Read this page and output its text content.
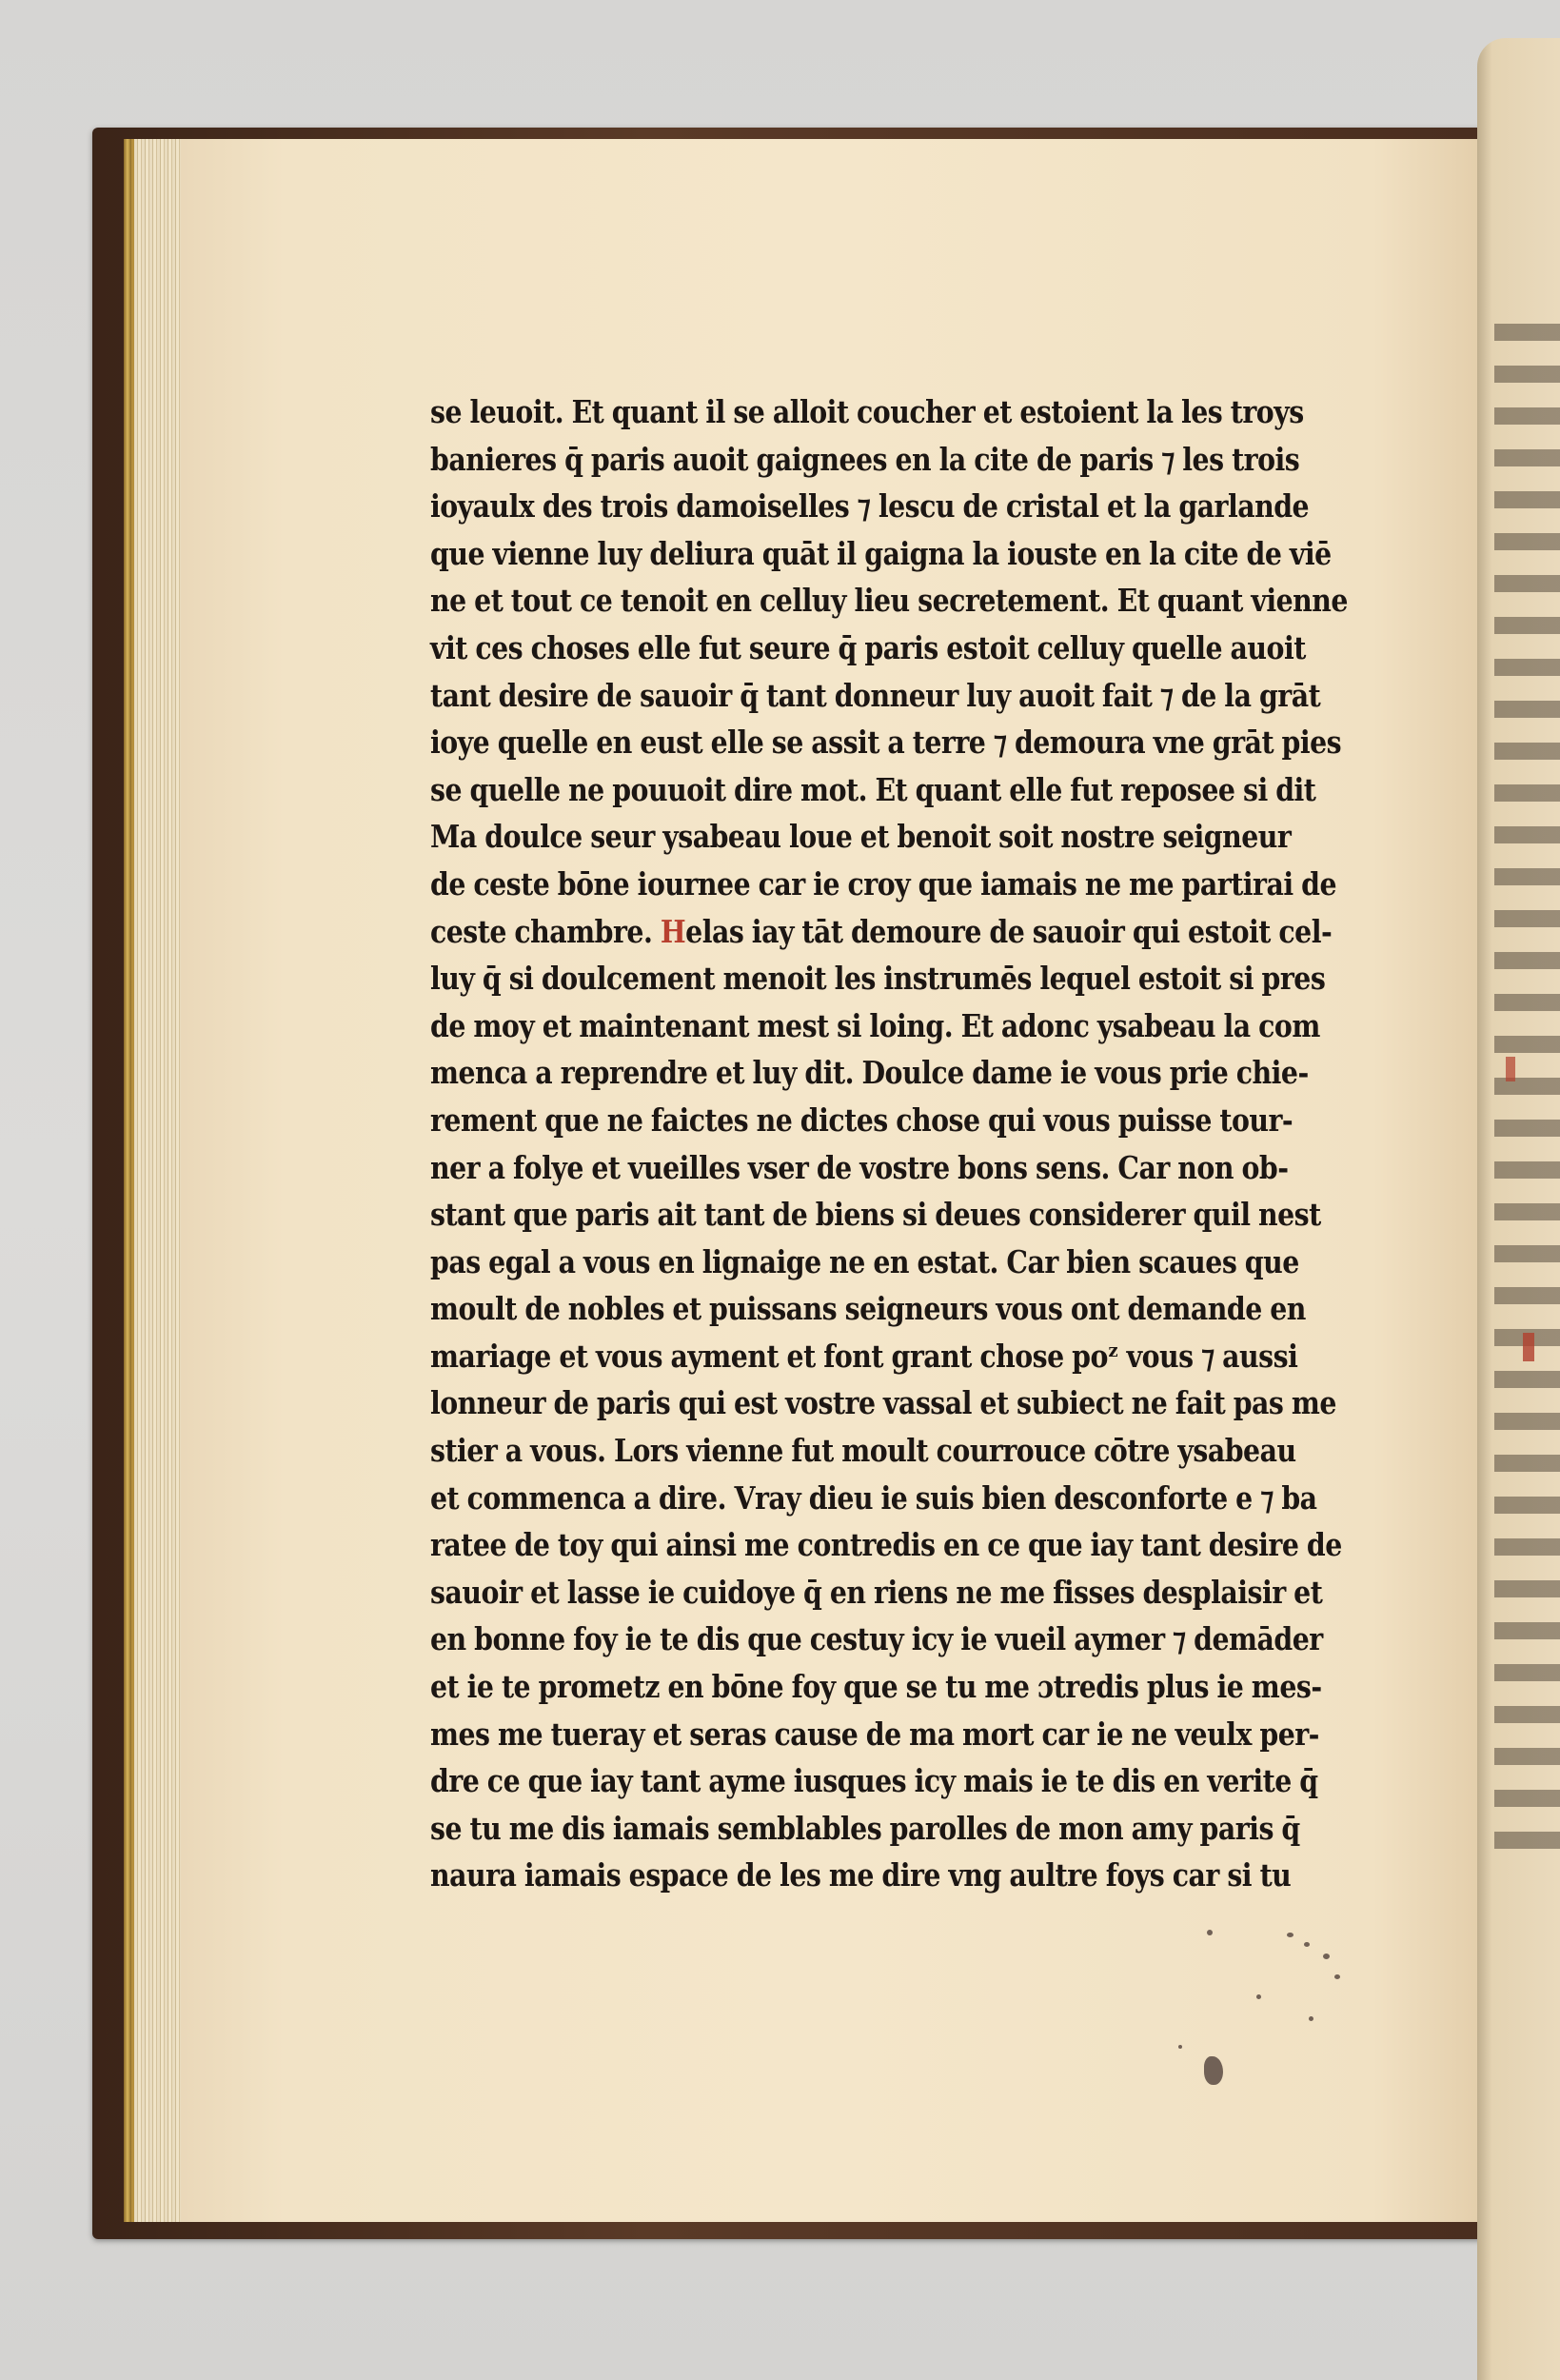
se leuoit. Et quant il se alloit coucher et estoient la les troys
banieres q̄ paris auoit gaignees en la cite de paris ⁊ les trois
ioyaulx des trois damoiselles ⁊ lescu de cristal et la garlande
que vienne luy deliura quāt il gaigna la iouste en la cite de viē
ne et tout ce tenoit en celluy lieu secretement. Et quant vienne
vit ces choses elle fut seure q̄ paris estoit celluy quelle auoit
tant desire de sauoir q̄ tant donneur luy auoit fait ⁊ de la grāt
ioye quelle en eust elle se assit a terre ⁊ demoura vne grāt pies
se quelle ne pouuoit dire mot. Et quant elle fut reposee si dit
Ma doulce seur ysabeau loue et benoit soit nostre seigneur
de ceste bōne iournee car ie croy que iamais ne me partirai de
ceste chambre. Helas iay tāt demoure de sauoir qui estoit cel-
luy q̄ si doulcement menoit les instrumēs lequel estoit si pres
de moy et maintenant mest si loing. Et adonc ysabeau la com
menca a reprendre et luy dit. Doulce dame ie vous prie chie-
rement que ne faictes ne dictes chose qui vous puisse tour-
ner a folye et vueilles vser de vostre bons sens. Car non ob-
stant que paris ait tant de biens si deues considerer quil nest
pas egal a vous en lignaige ne en estat. Car bien scaues que
moult de nobles et puissans seigneurs vous ont demande en
mariage et vous ayment et font grant chose poᶻ vous ⁊ aussi
lonneur de paris qui est vostre vassal et subiect ne fait pas me
stier a vous. Lors vienne fut moult courrouce cōtre ysabeau
et commenca a dire. Vray dieu ie suis bien desconforte e ⁊ ba
ratee de toy qui ainsi me contredis en ce que iay tant desire de
sauoir et lasse ie cuidoye q̄ en riens ne me fisses desplaisir et
en bonne foy ie te dis que cestuy icy ie vueil aymer ⁊ demāder
et ie te prometz en bōne foy que se tu me ɔtredis plus ie mes-
mes me tueray et seras cause de ma mort car ie ne veulx per-
dre ce que iay tant ayme iusques icy mais ie te dis en verite q̄
se tu me dis iamais semblables parolles de mon amy paris q̄
naura iamais espace de les me dire vng aultre foys car si tu
